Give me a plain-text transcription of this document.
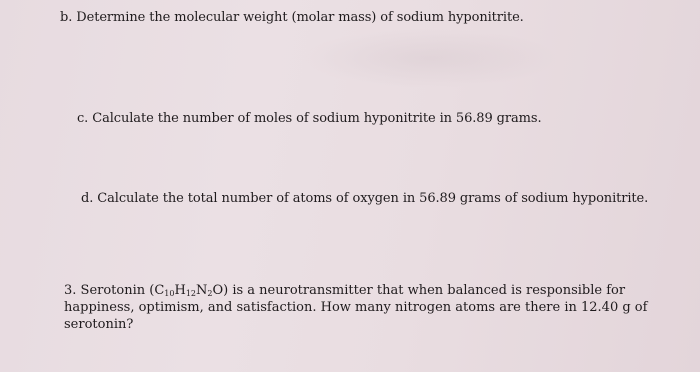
b. Determine the molecular weight (molar mass) of sodium hyponitrite.
c. Calculate the number of moles of sodium hyponitrite in 56.89 grams.
d. Calculate the total number of atoms of oxygen in 56.89 grams of sodium hyponitrite.
3. Serotonin $(C_{10}H_{12}N_2O)$ is a neurotransmitter that when balanced is responsible for
happiness, optimism, and satisfaction. How many nitrogen atoms are there in 12.40 g of
serotonin?
